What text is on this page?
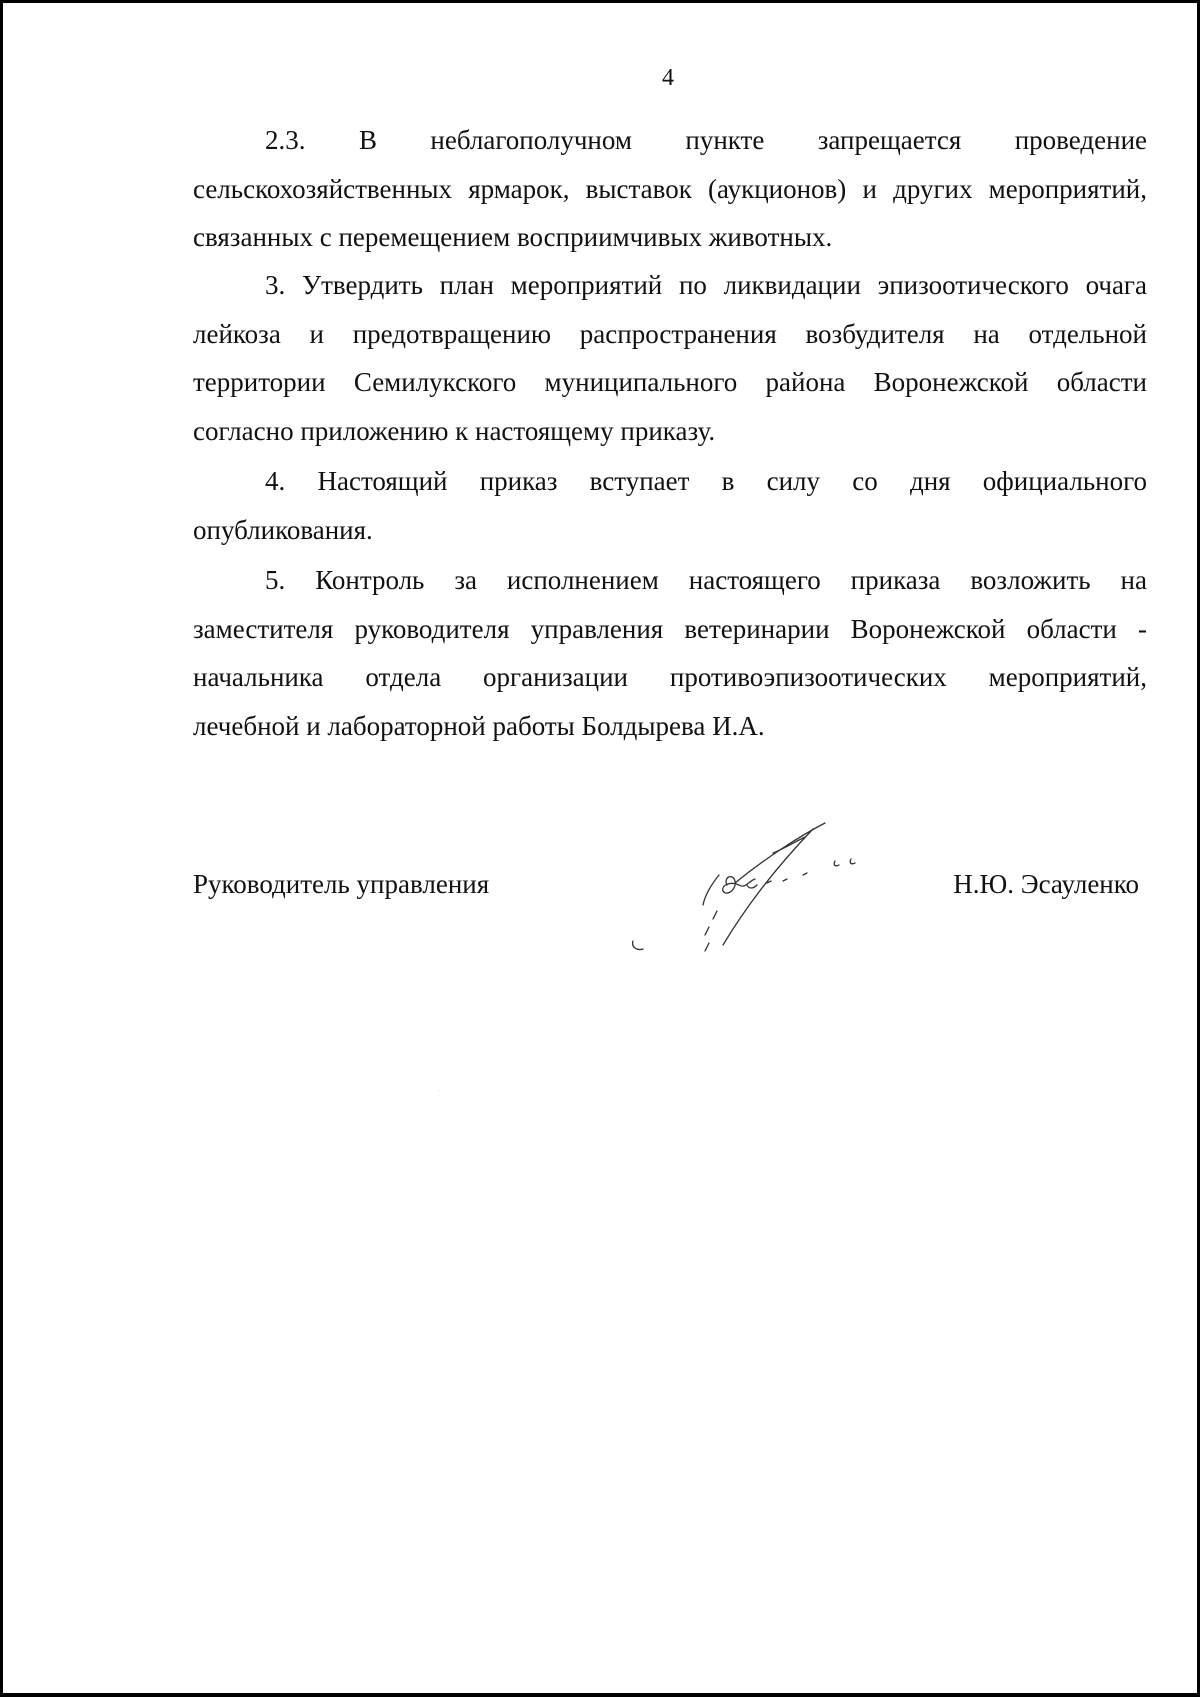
4
2.3. В неблагополучном пункте запрещается проведение
сельскохозяйственных ярмарок, выставок (аукционов) и других мероприятий,
связанных с перемещением восприимчивых животных.
3. Утвердить план мероприятий по ликвидации эпизоотического очага
лейкоза и предотвращению распространения возбудителя на отдельной
территории Семилукского муниципального района Воронежской области
согласно приложению к настоящему приказу.
4. Настоящий приказ вступает в силу со дня официального
опубликования.
5. Контроль за исполнением настоящего приказа возложить на
заместителя руководителя управления ветеринарии Воронежской области -
начальника отдела организации противоэпизоотических мероприятий,
лечебной и лабораторной работы Болдырева И.А.
Руководитель управления	Н.Ю. Эсауленко
